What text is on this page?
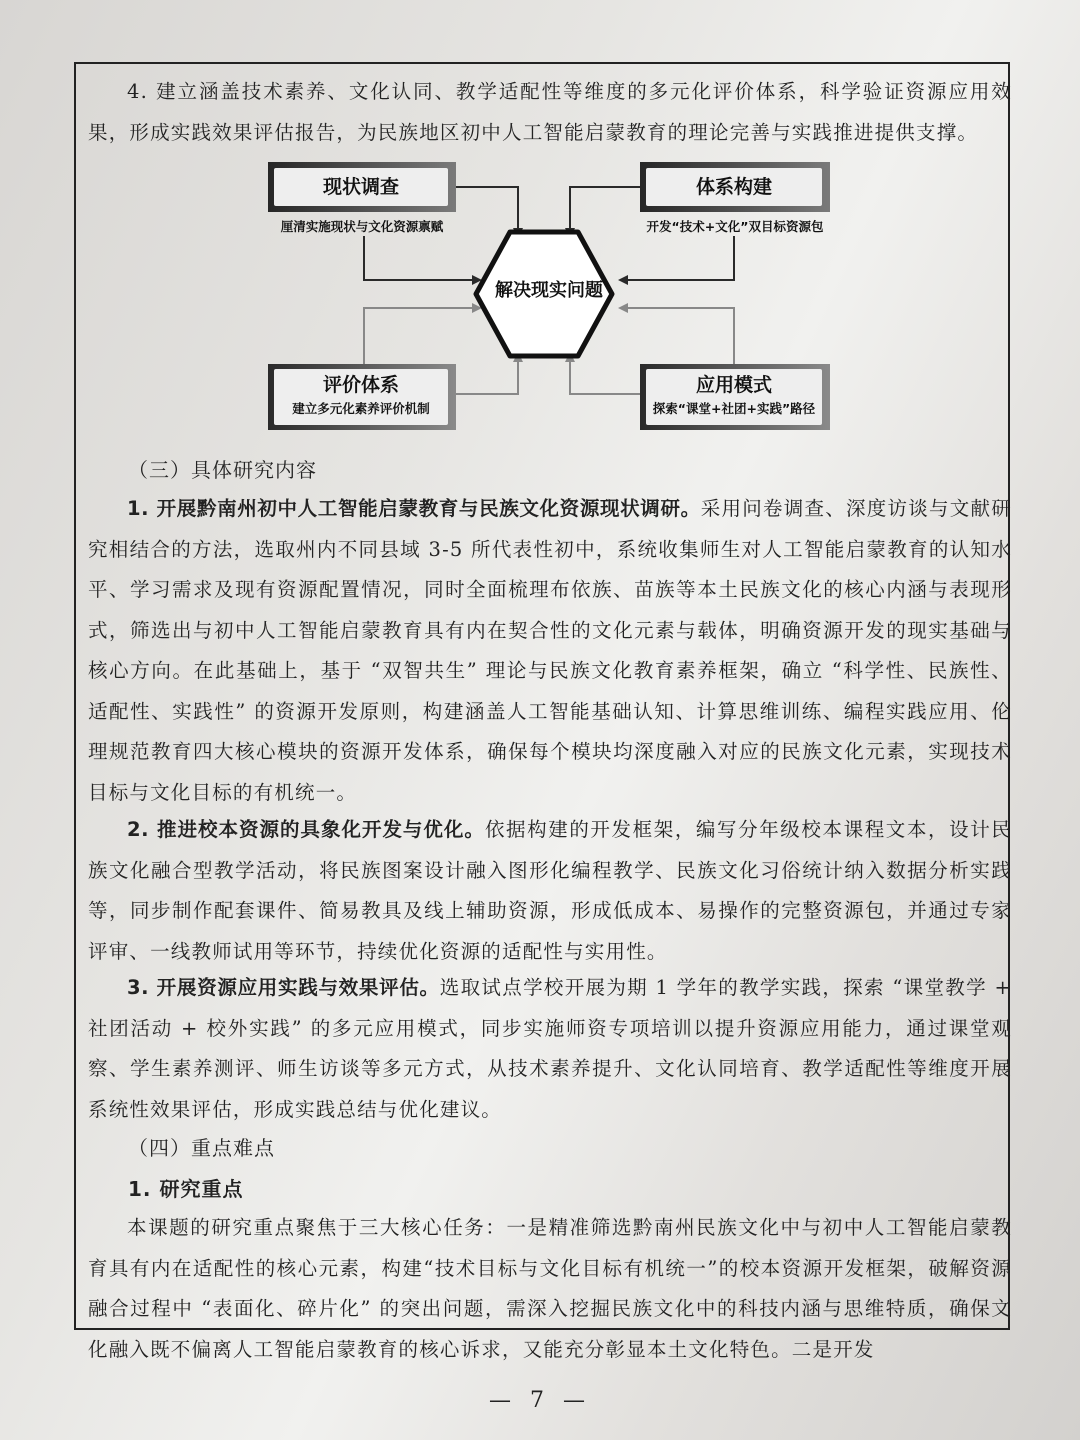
4. 建立涵盖技术素养、文化认同、教学适配性等维度的多元化评价体系，科学验证资源应用效果，形成实践效果评估报告，为民族地区初中人工智能启蒙教育的理论完善与实践推进提供支撑。

解决现实问题
现状调查
厘清实施现状与文化资源禀赋
体系构建
开发“技术+文化”双目标资源包
评价体系
建立多元化素养评价机制
应用模式
探索“课堂+社团+实践”路径
（三）具体研究内容

1. 开展黔南州初中人工智能启蒙教育与民族文化资源现状调研。采用问卷调查、深度访谈与文献研究相结合的方法，选取州内不同县域 3-5 所代表性初中，系统收集师生对人工智能启蒙教育的认知水平、学习需求及现有资源配置情况，同时全面梳理布依族、苗族等本土民族文化的核心内涵与表现形式，筛选出与初中人工智能启蒙教育具有内在契合性的文化元素与载体，明确资源开发的现实基础与核心方向。在此基础上，基于 “双智共生” 理论与民族文化教育素养框架，确立 “科学性、民族性、适配性、实践性” 的资源开发原则，构建涵盖人工智能基础认知、计算思维训练、编程实践应用、伦理规范教育四大核心模块的资源开发体系，确保每个模块均深度融入对应的民族文化元素，实现技术目标与文化目标的有机统一。

2. 推进校本资源的具象化开发与优化。依据构建的开发框架，编写分年级校本课程文本，设计民族文化融合型教学活动，将民族图案设计融入图形化编程教学、民族文化习俗统计纳入数据分析实践等，同步制作配套课件、简易教具及线上辅助资源，形成低成本、易操作的完整资源包，并通过专家评审、一线教师试用等环节，持续优化资源的适配性与实用性。

3. 开展资源应用实践与效果评估。选取试点学校开展为期 1 学年的教学实践，探索 “课堂教学 + 社团活动 + 校外实践” 的多元应用模式，同步实施师资专项培训以提升资源应用能力，通过课堂观察、学生素养测评、师生访谈等多元方式，从技术素养提升、文化认同培育、教学适配性等维度开展系统性效果评估，形成实践总结与优化建议。

（四）重点难点
1. 研究重点

本课题的研究重点聚焦于三大核心任务：一是精准筛选黔南州民族文化中与初中人工智能启蒙教育具有内在适配性的核心元素，构建“技术目标与文化目标有机统一”的校本资源开发框架，破解资源融合过程中 “表面化、碎片化” 的突出问题，需深入挖掘民族文化中的科技内涵与思维特质，确保文化融入既不偏离人工智能启蒙教育的核心诉求，又能充分彰显本土文化特色。二是开发

— 7 —
